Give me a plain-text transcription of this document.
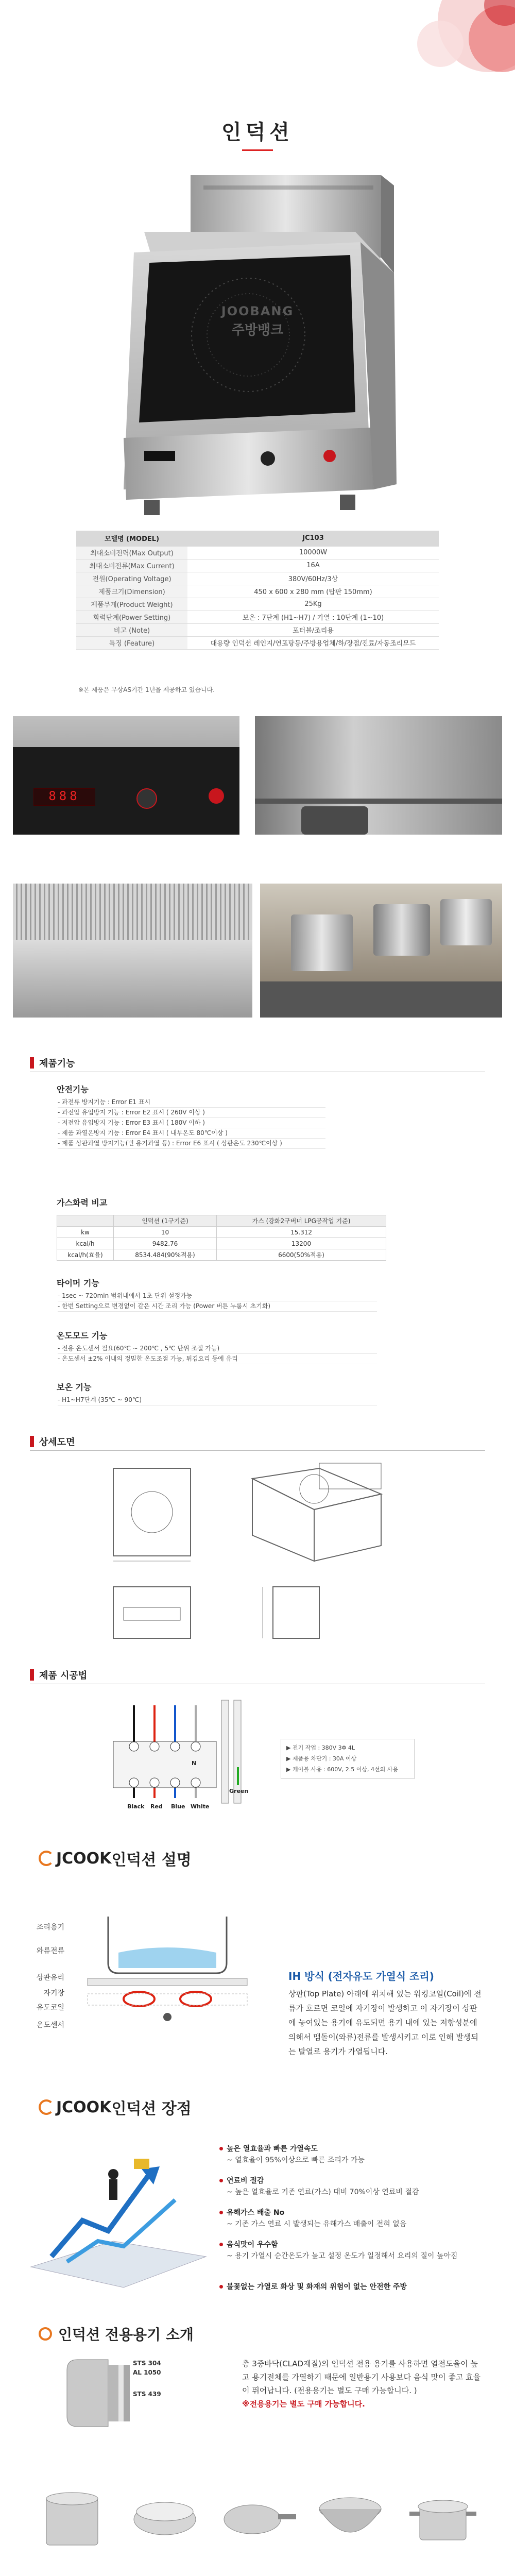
인덕션
주방뱅크
JOOBANG
모델명 (MODEL)	JC103
최대소비전력(Max Output)	10000W
최대소비전류(Max Current)	16A
전원(Operating Voltage)	380V/60Hz/3상
제품크기(Dimension)	450 x 600 x 280 mm (탑판 150mm)
제품무게(Product Weight)	25Kg
화력단계(Power Setting)	보온 : 7단계 (H1~H7) / 가열 : 10단계 (1~10)
비고 (Note)	포터블/조리용
특징 (Feature)	대용량 인덕션 레인지/연포탕등/주방용업체/하/장점/진료/자동조리모드
※본 제품은 무상AS기간 1년을 제공하고 있습니다.
888
제품기능
안전기능
- 과전류 방지기능 : Error E1 표시
- 과전압 유입방지 기능 : Error E2 표시 ( 260V 이상 )
- 저전압 유입방지 기능 : Error E3 표시 ( 180V 이하 )
- 제품 과열온방지 기능 : Error E4 표시 ( 내부온도 80℃이상 )
- 제품 상판과열 방지기능(빈 용기과열 등) : Error E6 표시 ( 상판온도 230℃이상 )
가스화력 비교
	인덕션 (1구기준)	가스 (강화2구버너 LPG공작업 기준)
kw	10	15.312
kcal/h	9482.76	13200
kcal/h(효율)	8534.484(90%적용)	6600(50%적용)
타이머 기능
- 1sec ~ 720min 범위내에서 1초 단위 설정가능
- 한번 Setting으로 변경없이 같은 시간 조리 가능 (Power 버튼 누룸시 초기화)
온도모드 기능
- 전용 온도센서 필요(60℃ ~ 200℃ , 5℃ 단위 조절 가능)
- 온도센서 ±2% 이내의 정밀한 온도조절 가능, 튀김요리 등에 유리
보온 기능
- H1~H7단계 (35℃ ~ 90℃)
상세도면
제품 시공법
N
Black Red Blue White
Green
▶ 전기 작업 : 380V 3Φ 4L
▶ 제품용 차단기 : 30A 이상
▶ 케이블 사용 : 600V, 2.5 이상, 4선의 사용
JCOOK 인덕션 설명
조리용기
와류전류
상판유리
자기장
유도코일
온도센서
IH 방식 (전자유도 가열식 조리)
상판(Top Plate) 아래에 위치해 있는 워킹코일(Coil)에 전류가 흐르면 코일에 자기장이 발생하고 이 자기장이 상판에 놓여있는 용기에 유도되면 용기 내에 있는 저항성분에 의해서 맴돌이(와류)전류를 발생시키고 이로 인해 발생되는 발열로 용기가 가열됩니다.
JCOOK 인덕션 장점
높은 열효율과 빠른 가열속도
~ 열효율이 95%이상으로 빠른 조리가 가능
연료비 절감
~ 높은 열효율로 기존 연료(가스) 대비 70%이상 연료비 절감
유해가스 배출 No
~ 기존 가스 연료 시 발생되는 유해가스 배출이 전혀 없음
음식맛이 우수함
~ 용기 가열시 순간온도가 높고 설정 온도가 일정해서 요리의 질이 높아짐
불꽃없는 가열로 화상 및 화재의 위험이 없는 안전한 주방
인덕션 전용용기 소개
STS 304
AL 1050
STS 439
총 3중바닥(CLAD재질)의 인덕션 전용 용기를 사용하면 열전도율이 높고 용기전체를 가열하기 때문에 일반용기 사용보다 음식 맛이 좋고 효율이 뛰어납니다. (전용용기는 별도 구매 가능합니다. )
※전용용기는 별도 구매 가능합니다.
